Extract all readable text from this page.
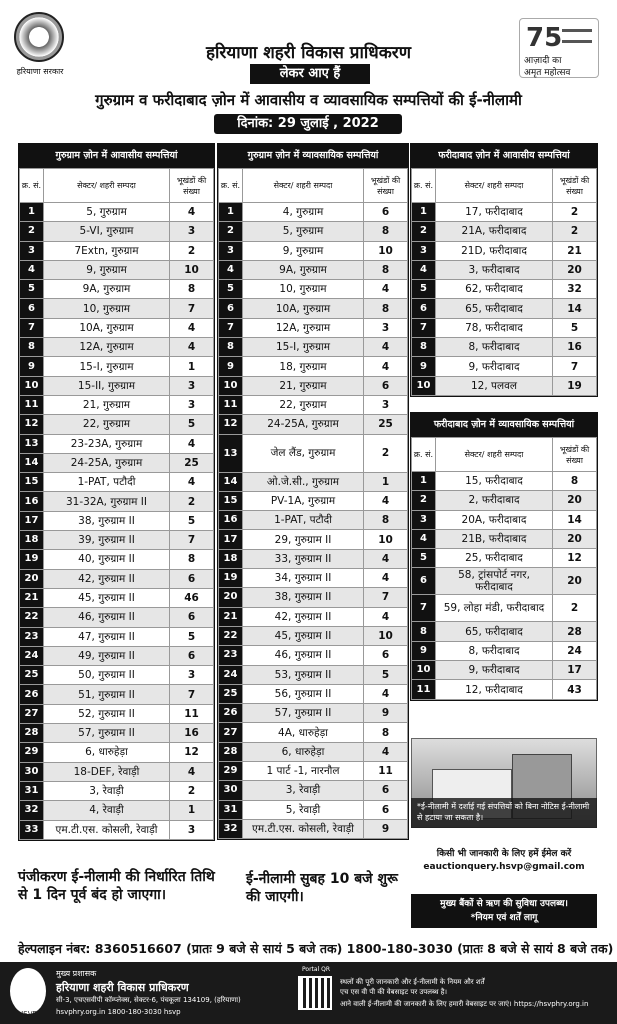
हरियाणा सरकार
75
आज़ादी का
अमृत महोत्सव
हरियाणा शहरी विकास प्राधिकरण
लेकर आए हैं
गुरुग्राम व फरीदाबाद ज़ोन में आवासीय व व्यावसायिक सम्पत्तियों की ई-नीलामी
दिनांक: 29 जुलाई , 2022
गुरुग्राम ज़ोन में आवासीय सम्पत्तियां
क्र. सं.	सेक्टर/ शहरी सम्पदा	भूखंडों की संख्या
1	5, गुरुग्राम	4
2	5-VI, गुरुग्राम	3
3	7Extn, गुरुग्राम	2
4	9, गुरुग्राम	10
5	9A, गुरुग्राम	8
6	10, गुरुग्राम	7
7	10A, गुरुग्राम	4
8	12A, गुरुग्राम	4
9	15-I, गुरुग्राम	1
10	15-II, गुरुग्राम	3
11	21, गुरुग्राम	3
12	22, गुरुग्राम	5
13	23-23A, गुरुग्राम	4
14	24-25A, गुरुग्राम	25
15	1-PAT, पटौदी	4
16	31-32A, गुरुग्राम II	2
17	38, गुरुग्राम II	5
18	39, गुरुग्राम II	7
19	40, गुरुग्राम II	8
20	42, गुरुग्राम II	6
21	45, गुरुग्राम II	46
22	46, गुरुग्राम II	6
23	47, गुरुग्राम II	5
24	49, गुरुग्राम II	6
25	50, गुरुग्राम II	3
26	51, गुरुग्राम II	7
27	52, गुरुग्राम II	11
28	57, गुरुग्राम II	16
29	6, धारुहेड़ा	12
30	18-DEF, रेवाड़ी	4
31	3, रेवाड़ी	2
32	4, रेवाड़ी	1
33	एम.टी.एस. कोसली, रेवाड़ी	3
गुरुग्राम ज़ोन में व्यावसायिक सम्पत्तियां
क्र. सं.	सेक्टर/ शहरी सम्पदा	भूखंडों की संख्या
1	4, गुरुग्राम	6
2	5, गुरुग्राम	8
3	9, गुरुग्राम	10
4	9A, गुरुग्राम	8
5	10, गुरुग्राम	4
6	10A, गुरुग्राम	8
7	12A, गुरुग्राम	3
8	15-I, गुरुग्राम	4
9	18, गुरुग्राम	4
10	21, गुरुग्राम	6
11	22, गुरुग्राम	3
12	24-25A, गुरुग्राम	25
13	जेल लैंड, गुरुग्राम	2
14	ओ.जे.सी., गुरुग्राम	1
15	PV-1A, गुरुग्राम	4
16	1-PAT, पटौदी	8
17	29, गुरुग्राम II	10
18	33, गुरुग्राम II	4
19	34, गुरुग्राम II	4
20	38, गुरुग्राम II	7
21	42, गुरुग्राम II	4
22	45, गुरुग्राम II	10
23	46, गुरुग्राम II	6
24	53, गुरुग्राम II	5
25	56, गुरुग्राम II	4
26	57, गुरुग्राम II	9
27	4A, धारुहेड़ा	8
28	6, धारुहेड़ा	4
29	1 पार्ट -1, नारनौल	11
30	3, रेवाड़ी	6
31	5, रेवाड़ी	6
32	एम.टी.एस. कोसली, रेवाड़ी	9
फरीदाबाद ज़ोन में आवासीय सम्पत्तियां
क्र. सं.	सेक्टर/ शहरी सम्पदा	भूखंडों की संख्या
1	17, फरीदाबाद	2
2	21A, फरीदाबाद	2
3	21D, फरीदाबाद	21
4	3, फरीदाबाद	20
5	62, फरीदाबाद	32
6	65, फरीदाबाद	14
7	78, फरीदाबाद	5
8	8, फरीदाबाद	16
9	9, फरीदाबाद	7
10	12, पलवल	19
फरीदाबाद ज़ोन में व्यावसायिक सम्पत्तियां
क्र. सं.	सेक्टर/ शहरी सम्पदा	भूखंडों की संख्या
1	15, फरीदाबाद	8
2	2, फरीदाबाद	20
3	20A, फरीदाबाद	14
4	21B, फरीदाबाद	20
5	25, फरीदाबाद	12
6	58, ट्रांसपोर्ट नगर, फरीदाबाद	20
7	59, लोहा मंडी, फरीदाबाद	2
8	65, फरीदाबाद	28
9	8, फरीदाबाद	24
10	9, फरीदाबाद	17
11	12, फरीदाबाद	43
*ई-नीलामी में दर्शाई गई संपत्तियों को बिना नोटिस ई-नीलामी से हटाया जा सकता है।
किसी भी जानकारी के लिए हमें ईमेल करें
eauctionquery.hsvp@gmail.com
मुख्य बैंकों से ऋण की सुविधा उपलब्ध।
*नियम एवं शर्तें लागू
पंजीकरण ई-नीलामी की निर्धारित तिथि से 1 दिन पूर्व बंद हो जाएगा।
ई-नीलामी सुबह 10 बजे शुरू की जाएगी।
हेल्पलाइन नंबर: 8360516607 (प्रातः 9 बजे से सायं 5 बजे तक) 1800-180-3030 (प्रातः 8 बजे से सायं 8 बजे तक)
HSVP
मुख्य प्रशासक
हरियाणा शहरी विकास प्राधिकरण
सी-3, एचएसवीपी कॉम्प्लेक्स, सेक्टर-6, पंचकूला 134109, (हरियाणा)
hsvphry.org.in 1800-180-3030 hsvp
Portal QR
स्थलों की पूरी जानकारी और ई-नीलामी के नियम और शर्तें
एच एस वी पी की वेबसाइट पर उपलब्ध है।
आने वाली ई-नीलामी की जानकारी के लिए हमारी वेबसाइट पर जाएं। https://hsvphry.org.in
